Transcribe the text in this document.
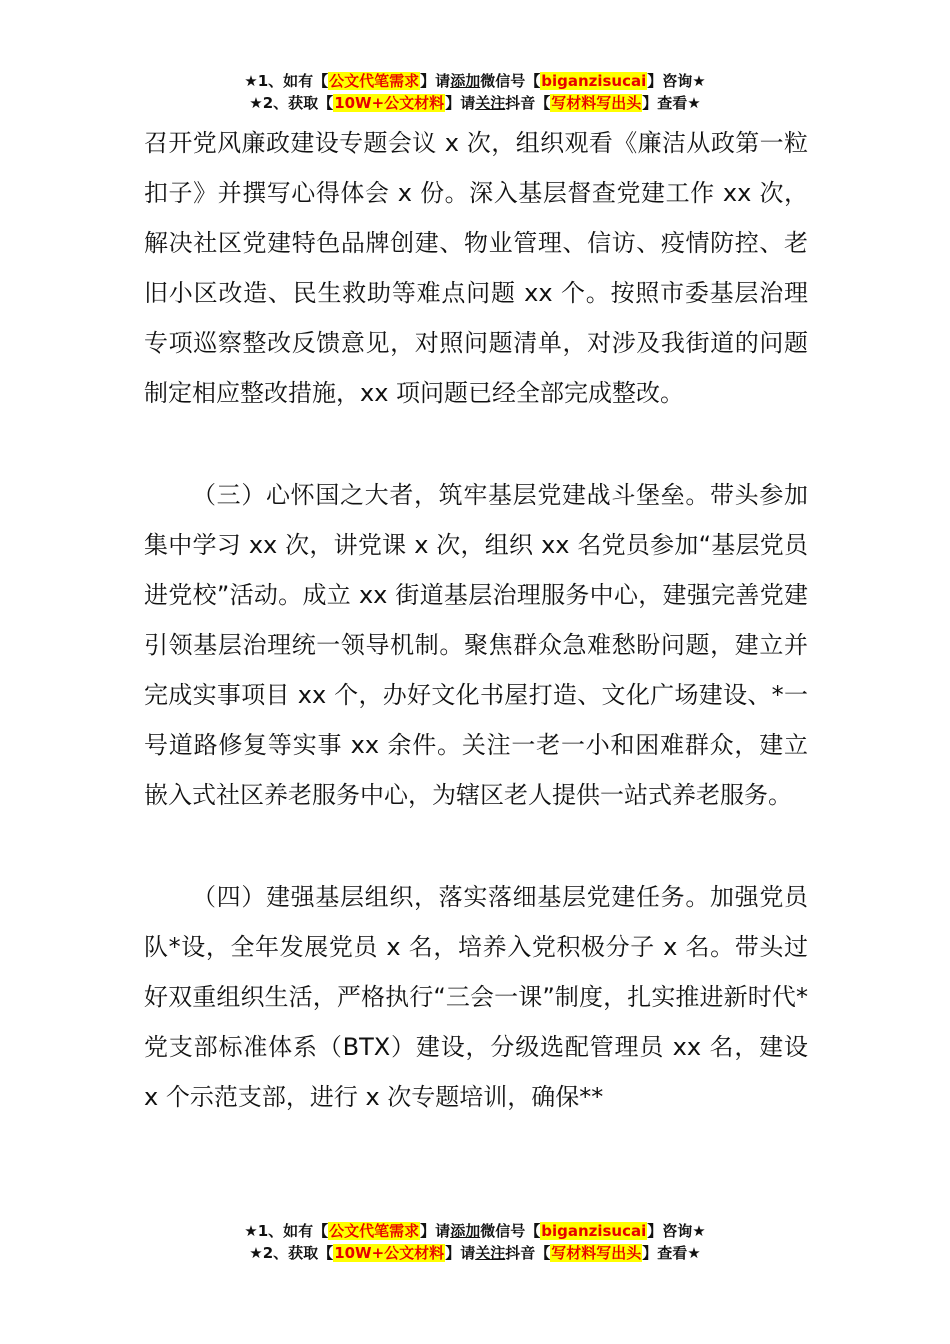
★1、如有【公文代笔需求】请添加微信号【biganzisucai】咨询★
★2、获取【10W+公文材料】请关注抖音【写材料写出头】查看★

召开党风廉政建设专题会议 x 次，组织观看《廉洁从政第一粒扣子》并撰写心得体会 x 份。深入基层督查党建工作 xx 次，解决社区党建特色品牌创建、物业管理、信访、疫情防控、老旧小区改造、民生救助等难点问题 xx 个。按照市委基层治理专项巡察整改反馈意见，对照问题清单，对涉及我街道的问题制定相应整改措施，xx 项问题已经全部完成整改。

（三）心怀国之大者，筑牢基层党建战斗堡垒。带头参加集中学习 xx 次，讲党课 x 次，组织 xx 名党员参加“基层党员进党校”活动。成立 xx 街道基层治理服务中心，建强完善党建引领基层治理统一领导机制。聚焦群众急难愁盼问题，建立并完成实事项目 xx 个，办好文化书屋打造、文化广场建设、*一号道路修复等实事 xx 余件。关注一老一小和困难群众，建立嵌入式社区养老服务中心，为辖区老人提供一站式养老服务。

（四）建强基层组织，落实落细基层党建任务。加强党员队*设，全年发展党员 x 名，培养入党积极分子 x 名。带头过好双重组织生活，严格执行“三会一课”制度，扎实推进新时代*党支部标准体系（BTX）建设，分级选配管理员 xx 名，建设 x 个示范支部，进行 x 次专题培训，确保**

★1、如有【公文代笔需求】请添加微信号【biganzisucai】咨询★
★2、获取【10W+公文材料】请关注抖音【写材料写出头】查看★
